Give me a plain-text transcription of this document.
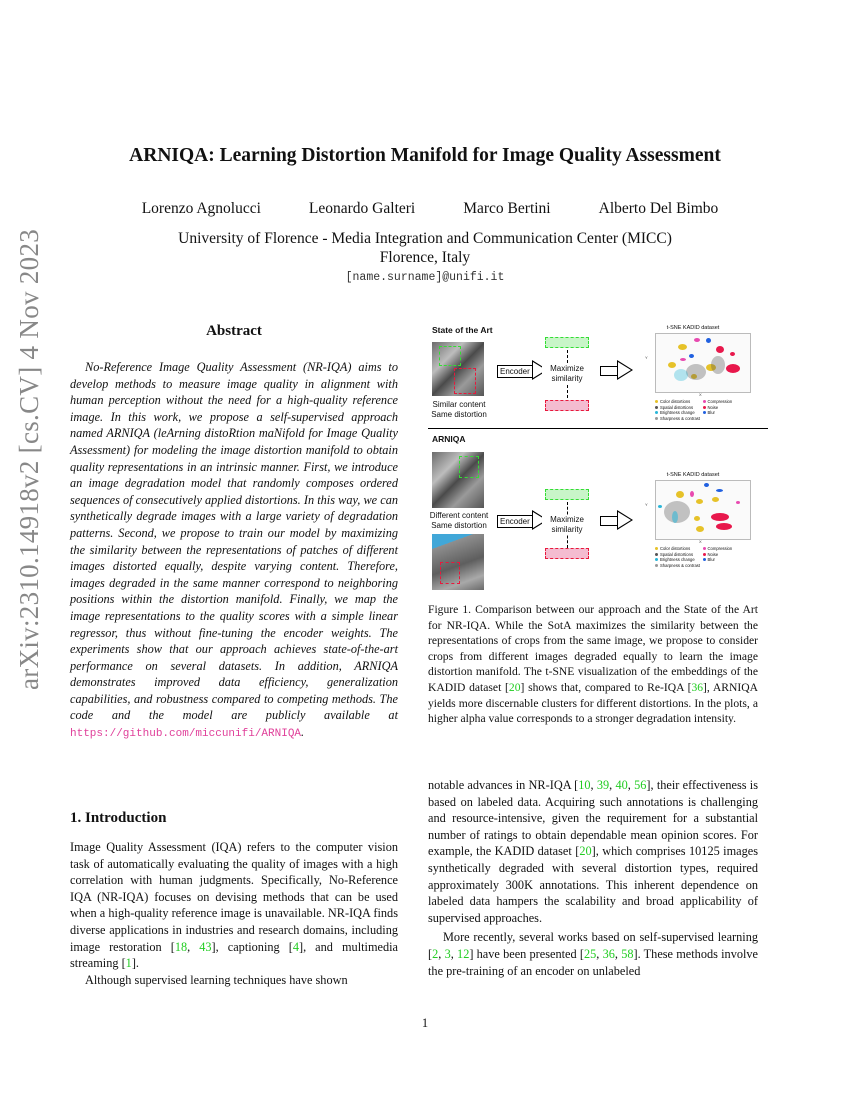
ARNIQA: Learning Distortion Manifold for Image Quality Assessment
Lorenzo Agnolucci	Leonardo Galteri	Marco Bertini	Alberto Del Bimbo
University of Florence - Media Integration and Communication Center (MICC)
Florence, Italy
[name.surname]@unifi.it
arXiv:2310.14918v2 [cs.CV] 4 Nov 2023	Abstract
No-Reference Image Quality Assessment (NR-IQA) aims to develop methods to measure image quality in alignment with human perception without the need for a high-quality reference image. In this work, we propose a self-supervised approach named ARNIQA (leArning distoRtion maNifold for Image Quality Assessment) for modeling the image distortion manifold to obtain quality representations in an intrinsic manner. First, we introduce an image degradation model that randomly composes ordered sequences of consecutively applied distortions. In this way, we can synthetically degrade images with a large variety of degradation patterns. Second, we propose to train our model by maximizing the similarity between the representations of patches of different images distorted equally, despite varying content. Therefore, images degraded in the same manner correspond to neighboring positions within the distortion manifold. Finally, we map the image representations to the quality scores with a simple linear regressor, thus without fine-tuning the encoder weights. The experiments show that our approach achieves state-of-the-art performance on several datasets. In addition, ARNIQA demonstrates improved data efficiency, generalization capabilities, and robustness compared to competing methods. The code and the model are publicly available at https://github.com/miccunifi/ARNIQA.
1. Introduction
Image Quality Assessment (IQA) refers to the computer vision task of automatically evaluating the quality of images with a high correlation with human judgments. Specifically, No-Reference IQA (NR-IQA) focuses on devising methods that can be used when a high-quality reference image is unavailable. NR-IQA finds diverse applications in industries and research domains, including image restoration [18, 43], captioning [4], and multimedia streaming [1].
Although supervised learning techniques have shown
State of the Art
Similar content
Same distortion
Encoder	Maximize
similarity
t-SNE KADID dataset
Y
X
Color distortions	Compression
Spatial distortions	Noise
Brightness change	Blur
Sharpness & contrast
ARNIQA
Different content
Same distortion	Encoder	Maximize
similarity
t-SNE KADID dataset
Y
X
Color distortions	Compression
Spatial distortions	Noise
Brightness change	Blur
Sharpness & contrast
Figure 1. Comparison between our approach and the State of the Art for NR-IQA. While the SotA maximizes the similarity between the representations of crops from the same image, we propose to consider crops from different images degraded equally to learn the image distortion manifold. The t-SNE visualization of the embeddings of the KADID dataset [20] shows that, compared to Re-IQA [36], ARNIQA yields more discernable clusters for different distortions. In the plots, a higher alpha value corresponds to a stronger degradation intensity.
notable advances in NR-IQA [10, 39, 40, 56], their effectiveness is based on labeled data. Acquiring such annotations is challenging and resource-intensive, given the requirement for a substantial number of ratings to obtain dependable mean opinion scores. For example, the KADID dataset [20], which comprises 10125 images synthetically degraded with several distortion types, required approximately 300K annotations. This inherent dependence on labeled data hampers the scalability and broad applicability of supervised approaches.
More recently, several works based on self-supervised learning [2, 3, 12] have been presented [25, 36, 58]. These methods involve the pre-training of an encoder on unlabeled
1
